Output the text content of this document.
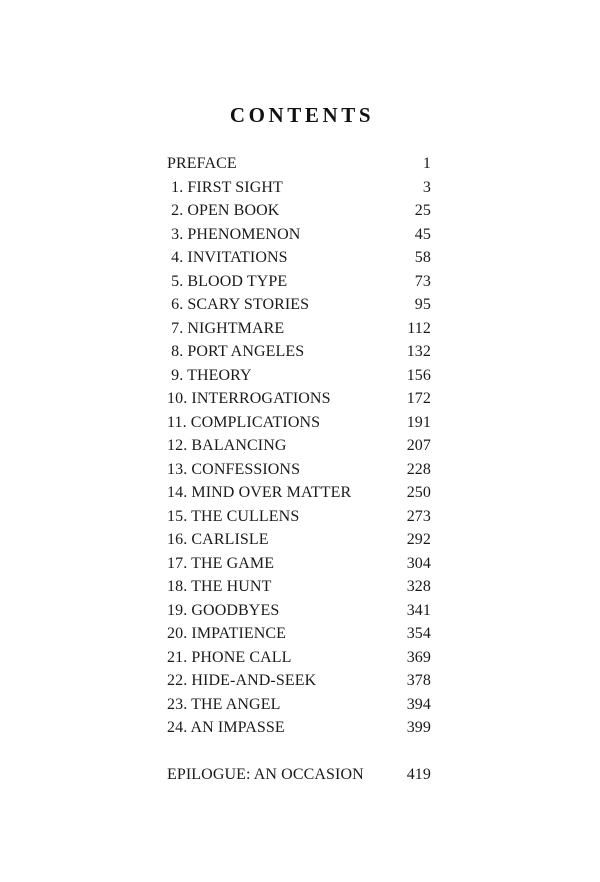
CONTENTS
PREFACE	1
1. FIRST SIGHT	3
2. OPEN BOOK	25
3. PHENOMENON	45
4. INVITATIONS	58
5. BLOOD TYPE	73
6. SCARY STORIES	95
7. NIGHTMARE	112
8. PORT ANGELES	132
9. THEORY	156
10. INTERROGATIONS	172
11. COMPLICATIONS	191
12. BALANCING	207
13. CONFESSIONS	228
14. MIND OVER MATTER	250
15. THE CULLENS	273
16. CARLISLE	292
17. THE GAME	304
18. THE HUNT	328
19. GOODBYES	341
20. IMPATIENCE	354
21. PHONE CALL	369
22. HIDE-AND-SEEK	378
23. THE ANGEL	394
24. AN IMPASSE	399
EPILOGUE: AN OCCASION	419
